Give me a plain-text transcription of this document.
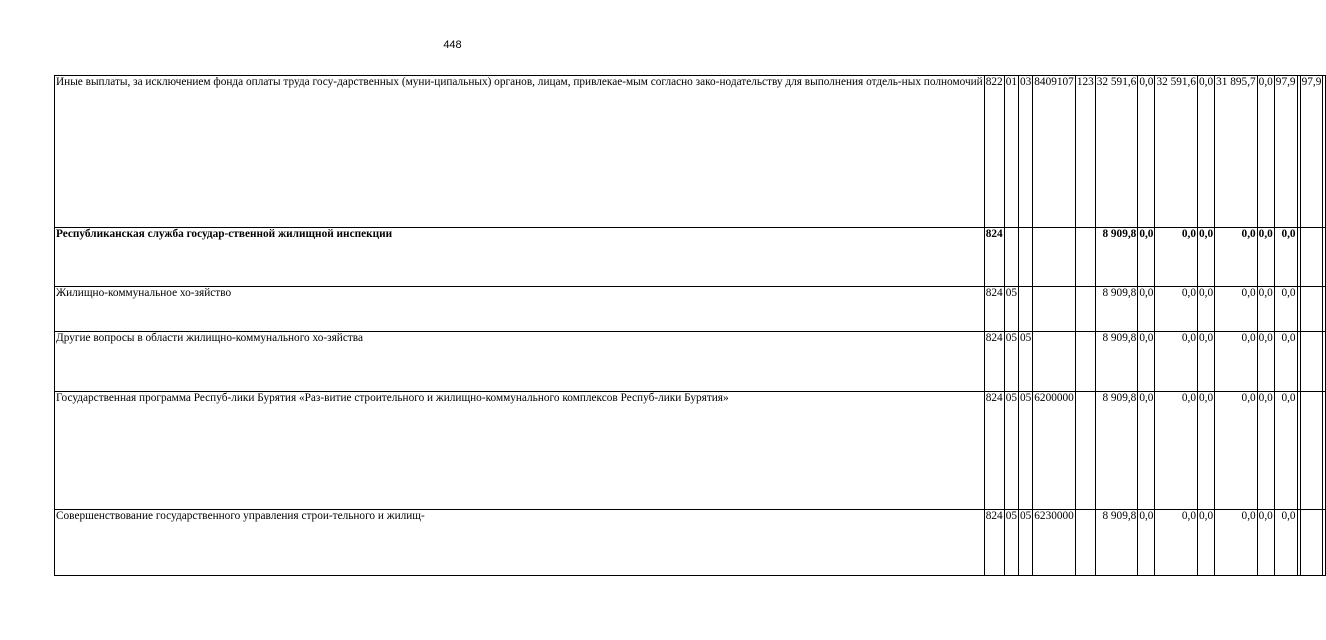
448
Иные выплаты, за исключением фонда оплаты труда госу-дарственных (муни-ципальных) органов, лицам, привлекае-мым согласно зако-нодательству для выполнения отдель-ных полномочий	822	01	03	8409107	123	32 591,6	0,0	32 591,6	0,0	31 895,7	0,0	97,9		97,9	
Республиканская служба государ-ственной жилищной инспекции	824					8 909,8	0,0	0,0	0,0	0,0	0,0	0,0			
Жилищно-коммунальное хо-зяйство	824	05				8 909,8	0,0	0,0	0,0	0,0	0,0	0,0			
Другие вопросы в области жилищно-коммунального хо-зяйства	824	05	05			8 909,8	0,0	0,0	0,0	0,0	0,0	0,0			
Государственная программа Респуб-лики Бурятия «Раз-витие строительного и жилищно-коммунального комплексов Респуб-лики Бурятия»	824	05	05	6200000		8 909,8	0,0	0,0	0,0	0,0	0,0	0,0			
Совершенствование государственного управления строи-тельного и жилищ-	824	05	05	6230000		8 909,8	0,0	0,0	0,0	0,0	0,0	0,0			
